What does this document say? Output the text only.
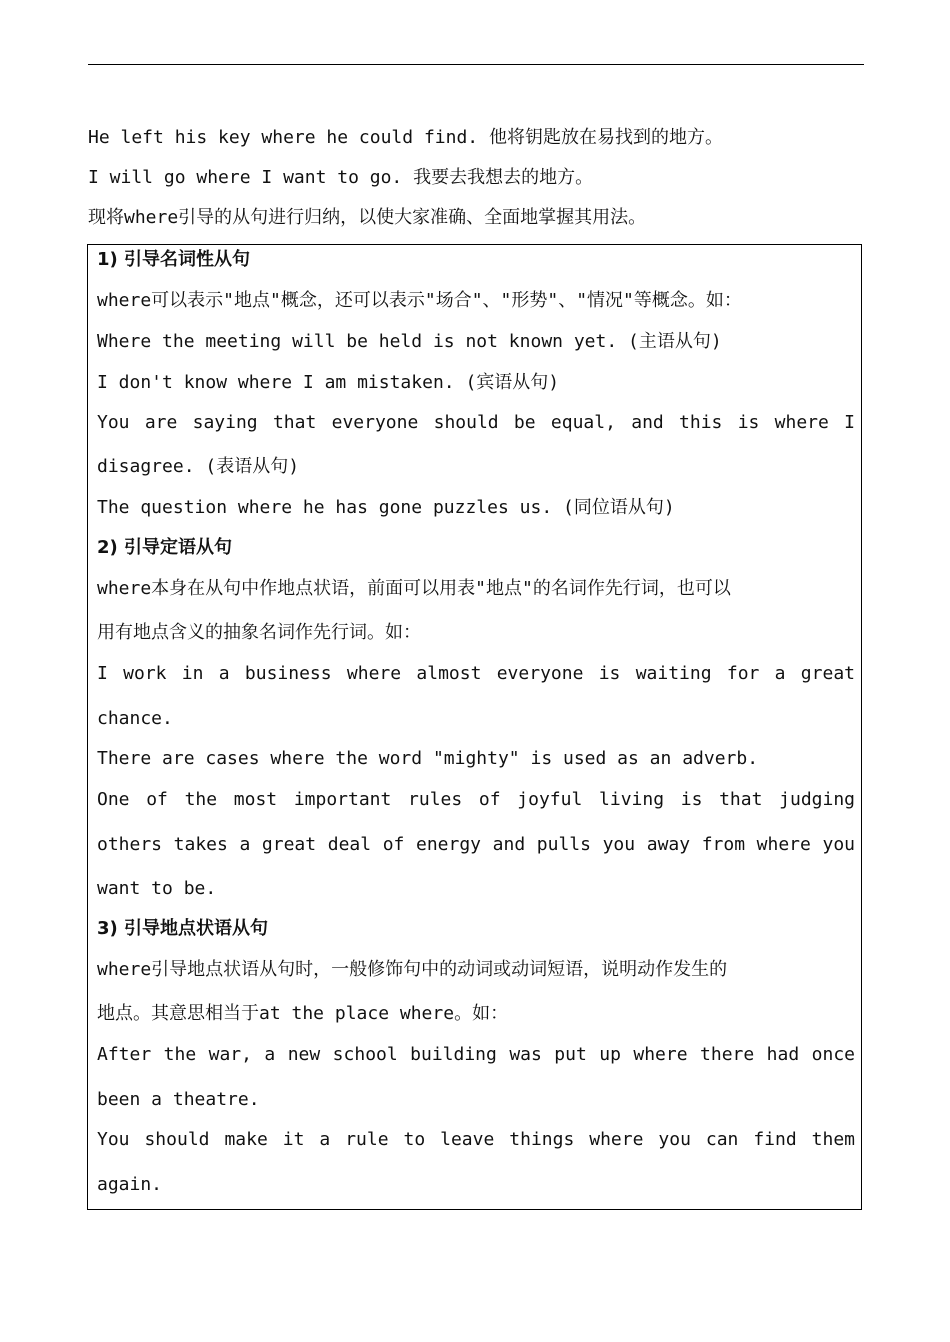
He left his key where he could find. 他将钥匙放在易找到的地方。
I will go where I want to go. 我要去我想去的地方。
现将where引导的从句进行归纳，以使大家准确、全面地掌握其用法。
1) 引导名词性从句
where可以表示"地点"概念，还可以表示"场合"、"形势"、"情况"等概念。如：
Where the meeting will be held is not known yet. (主语从句)
I don't know where I am mistaken. (宾语从句)
You are saying that everyone should be equal, and this is where I
disagree. (表语从句)
The question where he has gone puzzles us. (同位语从句)
2) 引导定语从句
where本身在从句中作地点状语，前面可以用表"地点"的名词作先行词，也可以
用有地点含义的抽象名词作先行词。如：
I work in a business where almost everyone is waiting for a great
chance.
There are cases where the word "mighty" is used as an adverb.
One of the most important rules of joyful living is that judging
others takes a great deal of energy and pulls you away from where you
want to be.
3) 引导地点状语从句
where引导地点状语从句时，一般修饰句中的动词或动词短语，说明动作发生的
地点。其意思相当于at the place where。如：
After the war, a new school building was put up where there had once
been a theatre.
You should make it a rule to leave things where you can find them
again.
